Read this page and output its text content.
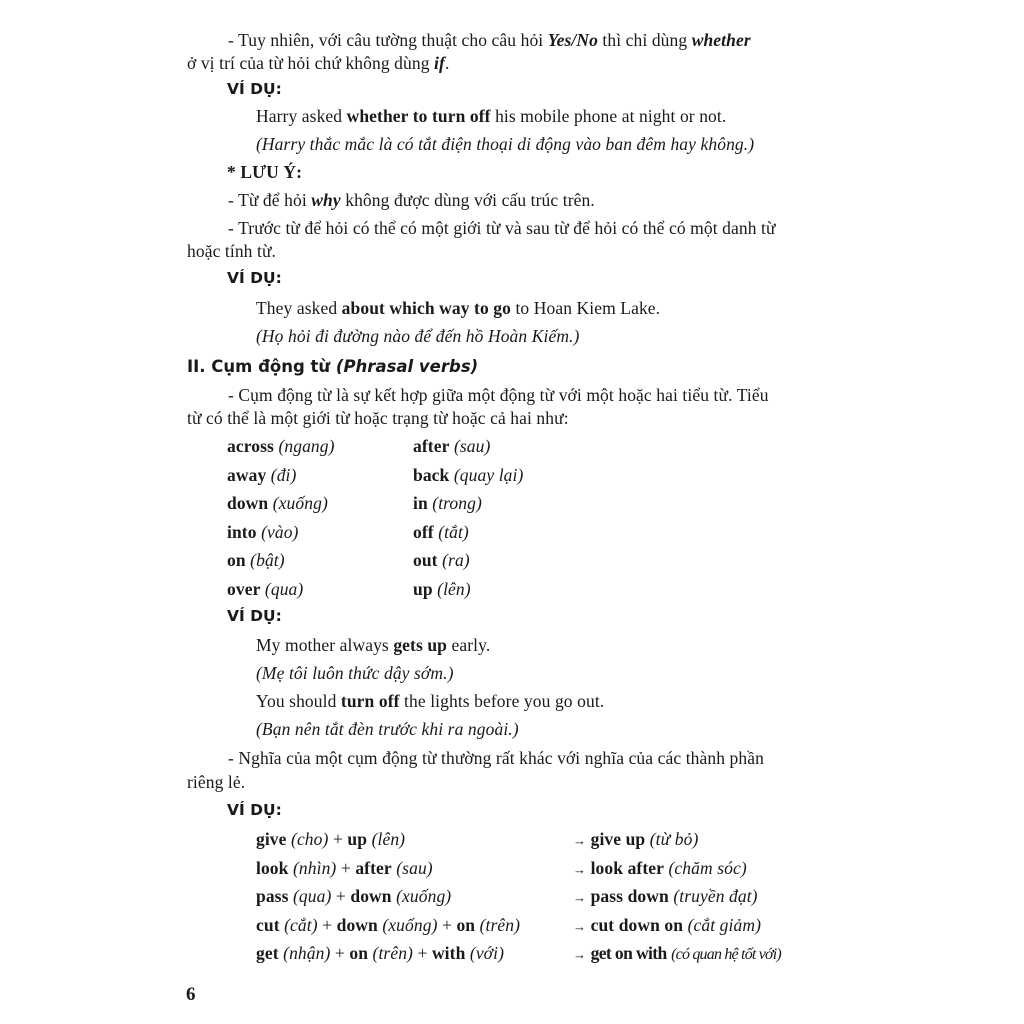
- Tuy nhiên, với câu tường thuật cho câu hỏi Yes/No thì chỉ dùng whether
ở vị trí của từ hỏi chứ không dùng if.
VÍ DỤ:
Harry asked whether to turn off his mobile phone at night or not.
(Harry thắc mắc là có tắt điện thoại di động vào ban đêm hay không.)
* LƯU Ý:
- Từ để hỏi why không được dùng với cấu trúc trên.
- Trước từ để hỏi có thể có một giới từ và sau từ để hỏi có thể có một danh từ
hoặc tính từ.
VÍ DỤ:
They asked about which way to go to Hoan Kiem Lake.
(Họ hỏi đi đường nào để đến hồ Hoàn Kiếm.)
II. Cụm động từ (Phrasal verbs)
- Cụm động từ là sự kết hợp giữa một động từ với một hoặc hai tiểu từ. Tiểu
từ có thể là một giới từ hoặc trạng từ hoặc cả hai như:
across (ngang)	after (sau)
away (đi)	back (quay lại)
down (xuống)	in (trong)
into (vào)	off (tắt)
on (bật)	out (ra)
over (qua)	up (lên)
VÍ DỤ:
My mother always gets up early.
(Mẹ tôi luôn thức dậy sớm.)
You should turn off the lights before you go out.
(Bạn nên tắt đèn trước khi ra ngoài.)
- Nghĩa của một cụm động từ thường rất khác với nghĩa của các thành phần
riêng lẻ.
VÍ DỤ:
give (cho) + up (lên)	→ give up (từ bỏ)
look (nhìn) + after (sau)	→ look after (chăm sóc)
pass (qua) + down (xuống)	→ pass down (truyền đạt)
cut (cắt) + down (xuống) + on (trên)	→ cut down on (cắt giảm)
get (nhận) + on (trên) + with (với)	→ get on with (có quan hệ tốt với)
6
